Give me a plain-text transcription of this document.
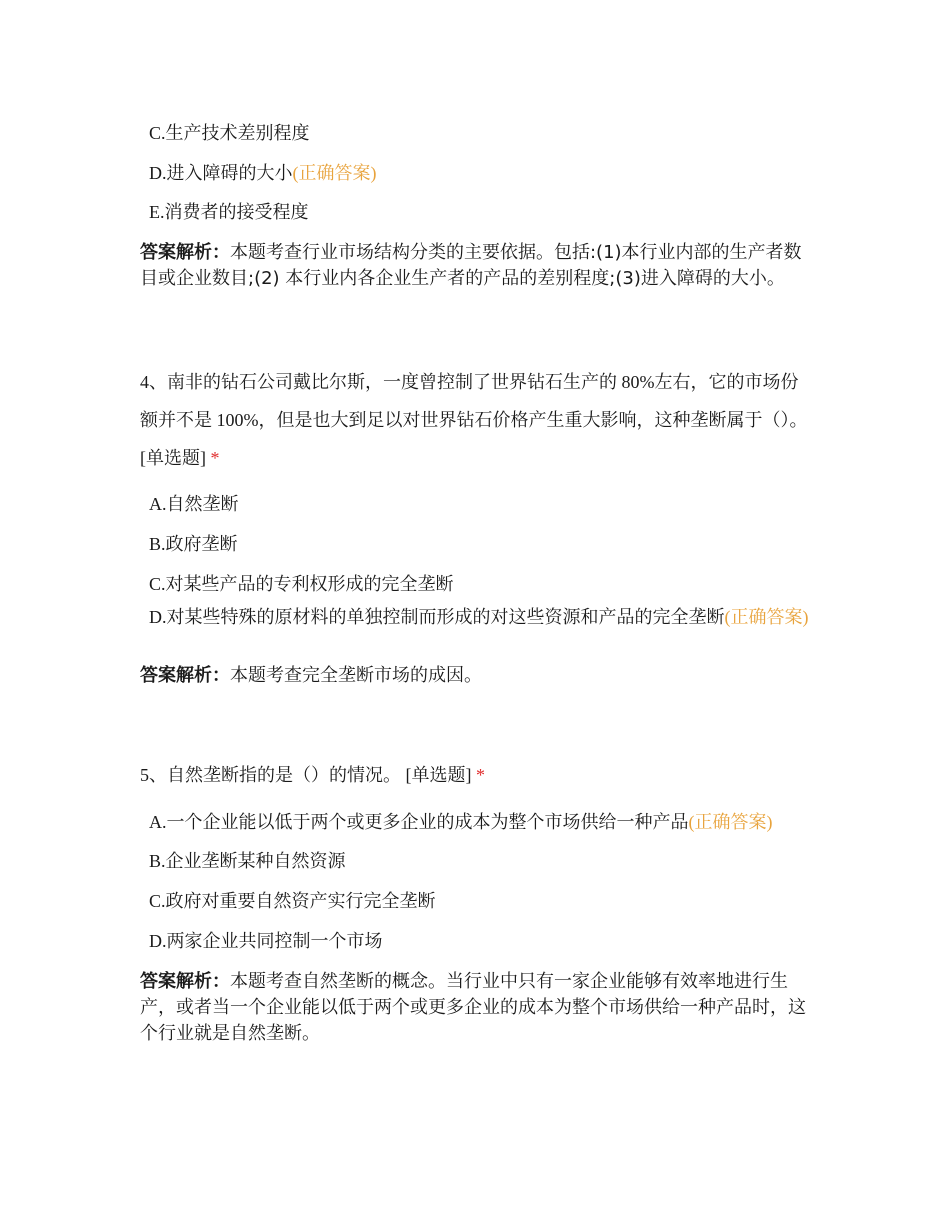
C.生产技术差别程度
D.进入障碍的大小(正确答案)
E.消费者的接受程度
答案解析：本题考查行业市场结构分类的主要依据。包括:(1)本行业内部的生产者数目或企业数目;(2) 本行业内各企业生产者的产品的差别程度;(3)进入障碍的大小。
4、南非的钻石公司戴比尔斯，一度曾控制了世界钻石生产的 80%左右，它的市场份额并不是 100%，但是也大到足以对世界钻石价格产生重大影响，这种垄断属于（）。 [单选题] *
A.自然垄断
B.政府垄断
C.对某些产品的专利权形成的完全垄断
D.对某些特殊的原材料的单独控制而形成的对这些资源和产品的完全垄断(正确答案)
答案解析：本题考查完全垄断市场的成因。
5、自然垄断指的是（）的情况。 [单选题] *
A.一个企业能以低于两个或更多企业的成本为整个市场供给一种产品(正确答案)
B.企业垄断某种自然资源
C.政府对重要自然资产实行完全垄断
D.两家企业共同控制一个市场
答案解析：本题考查自然垄断的概念。当行业中只有一家企业能够有效率地进行生产，或者当一个企业能以低于两个或更多企业的成本为整个市场供给一种产品时，这个行业就是自然垄断。
